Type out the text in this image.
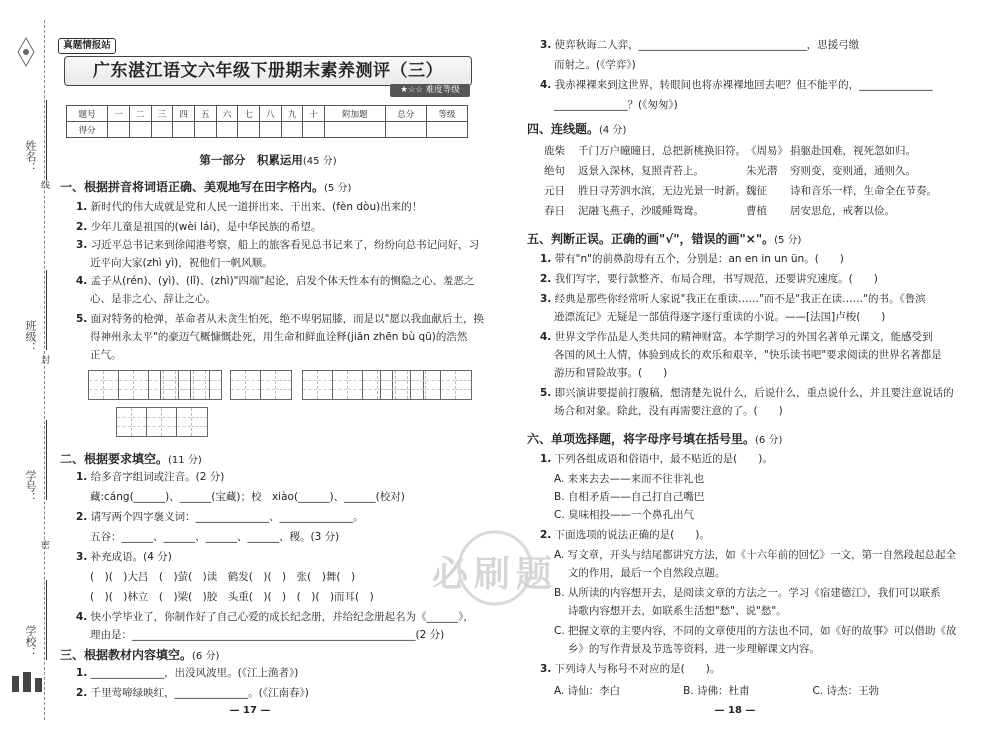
姓名：
线
班级：
封
学号：
密
学校：
真题情报站
广东湛江语文六年级下册期末素养测评（三）
★☆☆ 难度等级
题号	一	二	三	四	五	六	七	八	九	十	附加题	总分	等级
得分													
第一部分　积累运用(45 分)
一、根据拼音将词语正确、美观地写在田字格内。(5 分)
1. 新时代的伟大成就是党和人民一道拼出来、干出来、(fèn dòu)出来的！
2. 少年儿童是祖国的(wèi lái)，是中华民族的希望。
3. 习近平总书记来到徐闻港考察，船上的旅客看见总书记来了，纷纷向总书记问好，习
近平向大家(zhì yì)，祝他们一帆风顺。
4. 孟子从(rén)、(yì)、(lǐ)、(zhì)"四端"起论，启发个体天性本有的恻隐之心、羞恶之
心、是非之心、辞让之心。
5. 面对特务的枪弹，革命者从未贪生怕死，绝不卑躬屈膝，而是以"愿以我血献后土，换
得神州永太平"的豪迈气概慷慨赴死，用生命和鲜血诠释(jiān zhēn bù qū)的浩然
正气。
二、根据要求填空。(11 分)
1. 给多音字组词或注音。(2 分)
藏:cáng(______)、______(宝藏)；校　xiào(______)、______(校对)
2. 请写两个四字褒义词：______________、______________。
五谷：______、______、______、______、稷。(3 分)
3. 补充成语。(4 分)
(　)(　)大吕　(　)萤(　)读　鹤发(　)(　)　张(　)舞(　)
(　)(　)林立　(　)梁(　)胶　头重(　)(　)　(　)(　)而耳(　)
4. 快小学毕业了，你制作好了自己心爱的成长纪念册，并给纪念册起名为《______》，
理由是：______________________________________________________(2 分)
三、根据教材内容填空。(6 分)
— 17 —
1. ______________，出没风波里。(《江上渔者》)
2. 千里莺啼绿映红，______________。(《江南春》)
四、连线题。(4 分)
鹿柴 千门万户曈曈日，总把新桃换旧符。
绝句 返景入深林，复照青苔上。
元日 胜日寻芳泗水滨，无边光景一时新。
春日 泥融飞燕子，沙暖睡鸳鸯。
《周易》 捐躯赴国难，视死忽如归。
朱光潜 穷则变，变则通，通则久。
魏征 诗和音乐一样，生命全在节奏。
曹植 居安思危，戒奢以俭。
五、判断正误。正确的画"√"，错误的画"×"。(5 分)
1. 带有"n"的前鼻韵母有五个，分别是：an en in un ün。(　　)
2. 我们写字，要行款整齐、布局合理，书写规范，还要讲究速度。(　　)
3. 经典是那些你经常听人家说"我正在重读……"而不是"我正在读……"的书。《鲁滨
逊漂流记》无疑是一部值得逐字逐行重读的小说。——[法国]卢梭(　　)
4. 世界文学作品是人类共同的精神财富。本学期学习的外国名著单元课文，能感受到
各国的风土人情，体验到成长的欢乐和艰辛，"快乐读书吧"要求阅读的世界名著都是
游历和冒险故事。(　　)
5. 即兴演讲要提前打腹稿，想清楚先说什么，后说什么，重点说什么，并且要注意说话的
场合和对象。除此，没有再需要注意的了。(　　)
六、单项选择题，将字母序号填在括号里。(6 分)
1. 下列各组成语和俗语中，最不贴近的是(　　)。
A. 来来去去——来而不往非礼也
B. 自相矛盾——自己打自己嘴巴
C. 臭味相投——一个鼻孔出气
2. 下面选项的说法正确的是(　　)。
A. 写文章，开头与结尾都讲究方法，如《十六年前的回忆》一文，第一自然段起总起全
　 文的作用，最后一个自然段点题。
B. 从所读的内容想开去，是阅读文章的方法之一。学习《宿建德江》，我们可以联系
　 诗歌内容想开去，如联系生活想"愁"、说"愁"。
C. 把握文章的主要内容，不同的文章使用的方法也不同，如《好的故事》可以借助《故
　 乡》的写作背景及节选等资料，进一步理解课文内容。
3. 下列诗人与称号不对应的是(　　)。
A. 诗仙：李白　　　　　　B. 诗佛：杜甫　　　　　　C. 诗杰：王勃
— 18 —
3. 使弈秋诲二人弈，________________________________，思援弓缴
而射之。(《学弈》)
4. 我赤裸裸来到这世界，转眼间也将赤裸裸地回去吧？但不能平的，______________
______________？(《匆匆》)
必刷题
